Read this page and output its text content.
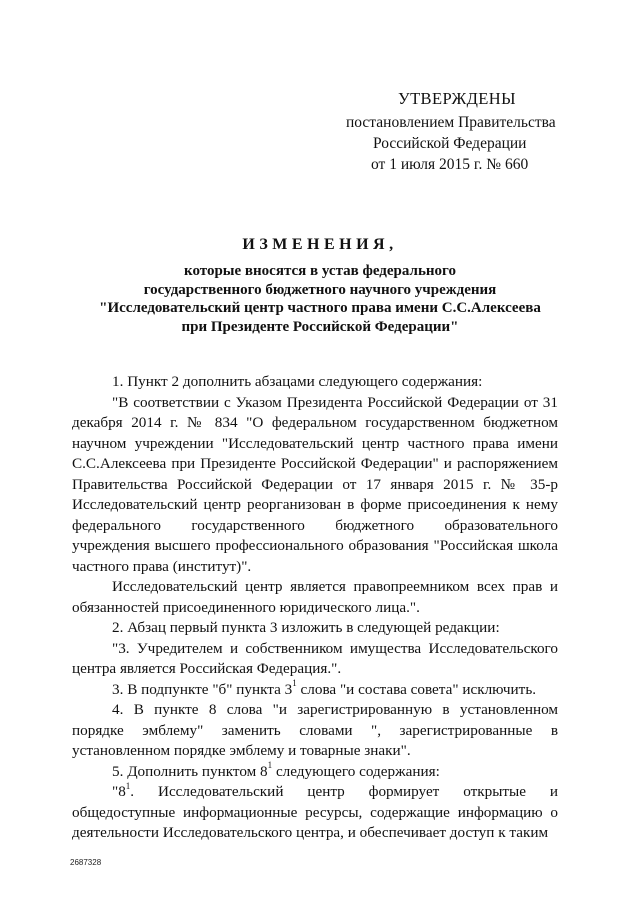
УТВЕРЖДЕНЫ
постановлением Правительства
Российской Федерации
от 1 июля 2015 г. № 660
ИЗМЕНЕНИЯ,
которые вносятся в устав федерального
государственного бюджетного научного учреждения
"Исследовательский центр частного права имени С.С.Алексеева
при Президенте Российской Федерации"

1. Пункт 2 дополнить абзацами следующего содержания:

"В соответствии с Указом Президента Российской Федерации от 31 декабря 2014 г. № 834 "О федеральном государственном бюджетном научном учреждении "Исследовательский центр частного права имени С.С.Алексеева при Президенте Российской Федерации" и распоряжением Правительства Российской Федерации от 17 января 2015 г. № 35-р Исследовательский центр реорганизован в форме присоединения к нему федерального государственного бюджетного образовательного учреждения высшего профессионального образования "Российская школа частного права (институт)".

Исследовательский центр является правопреемником всех прав и обязанностей присоединенного юридического лица.".

2. Абзац первый пункта 3 изложить в следующей редакции:

"3. Учредителем и собственником имущества Исследовательского центра является Российская Федерация.".

3. В подпункте "б" пункта $3^1$ слова "и состава совета" исключить.

4. В пункте 8 слова "и зарегистрированную в установленном порядке эмблему" заменить словами ", зарегистрированные в установленном порядке эмблему и товарные знаки".

5. Дополнить пунктом $8^1$ следующего содержания:

"$8^1$. Исследовательский центр формирует открытые и общедоступные информационные ресурсы, содержащие информацию о деятельности Исследовательского центра, и обеспечивает доступ к таким

2687328
